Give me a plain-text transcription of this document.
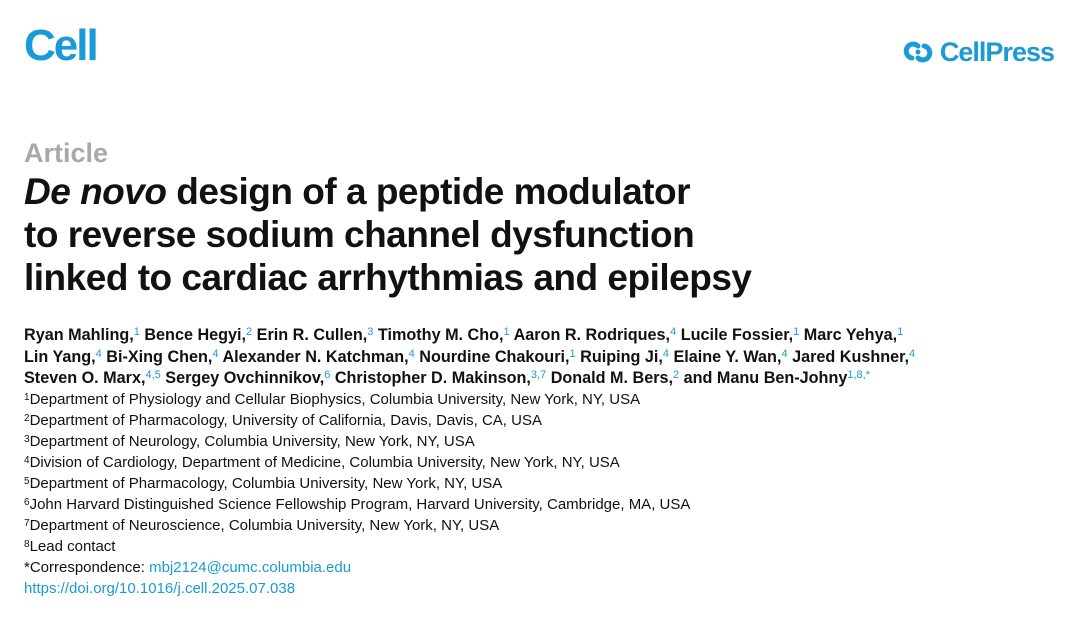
Cell	CellPress
Article
De novo design of a peptide modulator
to reverse sodium channel dysfunction
linked to cardiac arrhythmias and epilepsy
Ryan Mahling,$^1$ Bence Hegyi,$^2$ Erin R. Cullen,$^3$ Timothy M. Cho,$^1$ Aaron R. Rodriques,$^4$ Lucile Fossier,$^1$ Marc Yehya,$^1$
Lin Yang,$^4$ Bi-Xing Chen,$^4$ Alexander N. Katchman,$^4$ Nourdine Chakouri,$^1$ Ruiping Ji,$^4$ Elaine Y. Wan,$^4$ Jared Kushner,$^4$
Steven O. Marx,$^{4,5}$ Sergey Ovchinnikov,$^6$ Christopher D. Makinson,$^{3,7}$ Donald M. Bers,$^2$ and Manu Ben-Johny$^{1,8,*}$
$^1$Department of Physiology and Cellular Biophysics, Columbia University, New York, NY, USA
$^2$Department of Pharmacology, University of California, Davis, Davis, CA, USA
$^3$Department of Neurology, Columbia University, New York, NY, USA
$^4$Division of Cardiology, Department of Medicine, Columbia University, New York, NY, USA
$^5$Department of Pharmacology, Columbia University, New York, NY, USA
$^6$John Harvard Distinguished Science Fellowship Program, Harvard University, Cambridge, MA, USA
$^7$Department of Neuroscience, Columbia University, New York, NY, USA
$^8$Lead contact
*Correspondence: mbj2124@cumc.columbia.edu
https://doi.org/10.1016/j.cell.2025.07.038
